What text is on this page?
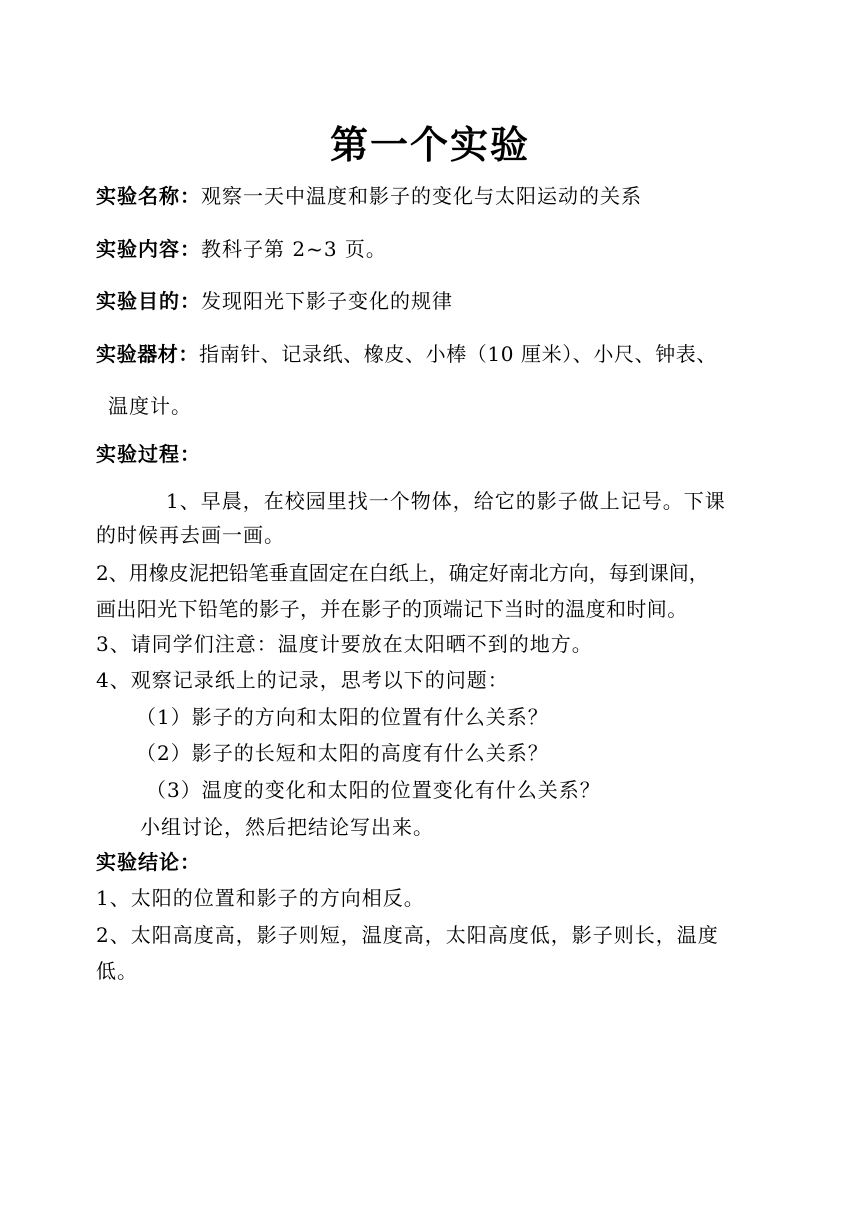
第一个实验
实验名称：观察一天中温度和影子的变化与太阳运动的关系
实验内容：教科子第 2~3 页。
实验目的：发现阳光下影子变化的规律
实验器材：指南针、记录纸、橡皮、小棒（10 厘米）、小尺、钟表、
温度计。
实验过程：
1、早晨，在校园里找一个物体，给它的影子做上记号。下课
的时候再去画一画。
2、用橡皮泥把铅笔垂直固定在白纸上，确定好南北方向，每到课间，
画出阳光下铅笔的影子，并在影子的顶端记下当时的温度和时间。
3、请同学们注意：温度计要放在太阳晒不到的地方。
4、观察记录纸上的记录，思考以下的问题：
（1）影子的方向和太阳的位置有什么关系？
（2）影子的长短和太阳的高度有什么关系？
（3）温度的变化和太阳的位置变化有什么关系？
小组讨论，然后把结论写出来。
实验结论：
1、太阳的位置和影子的方向相反。
2、太阳高度高，影子则短，温度高，太阳高度低，影子则长，温度
低。
